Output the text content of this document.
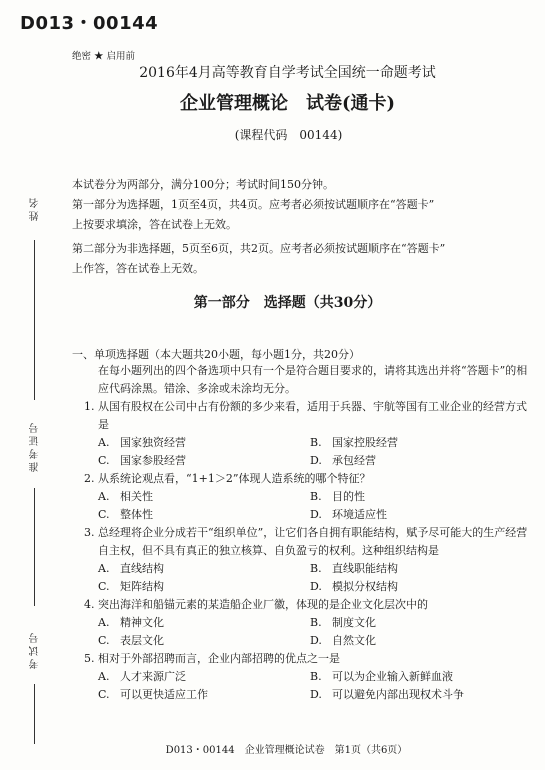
D013・00144
绝密 ★ 启用前
2016年4月高等教育自学考试全国统一命题考试
企业管理概论　试卷(通卡)
(课程代码　00144)
姓名
准考证号
考试号

本试卷分为两部分，满分100分；考试时间150分钟。

第一部分为选择题，1页至4页，共4页。应考者必须按试题顺序在“答题卡”

上按要求填涂，答在试卷上无效。

第二部分为非选择题，5页至6页，共2页。应考者必须按试题顺序在“答题卡”

上作答，答在试卷上无效。

第一部分　选择题（共30分）
一、单项选择题（本大题共20小题，每小题1分，共20分）
在每小题列出的四个备选项中只有一个是符合题目要求的，请将其选出并将“答题卡”的相应代码涂黑。错涂、多涂或未涂均无分。
1. 从国有股权在公司中占有份额的多少来看，适用于兵器、宇航等国有工业企业的经营方式是
A. 国家独资经营	B. 国家控股经营
C. 国家参股经营	D. 承包经营
2. 从系统论观点看，“1+1＞2”体现人造系统的哪个特征？
A. 相关性	B. 目的性
C. 整体性	D. 环境适应性
3. 总经理将企业分成若干“组织单位”，让它们各自拥有职能结构，赋予尽可能大的生产经营自主权，但不具有真正的独立核算、自负盈亏的权利。这种组织结构是
A. 直线结构	B. 直线职能结构
C. 矩阵结构	D. 模拟分权结构
4. 突出海洋和船锚元素的某造船企业厂徽，体现的是企业文化层次中的
A. 精神文化	B. 制度文化
C. 表层文化	D. 自然文化
5. 相对于外部招聘而言，企业内部招聘的优点之一是
A. 人才来源广泛	B. 可以为企业输入新鲜血液
C. 可以更快适应工作	D. 可以避免内部出现权术斗争
D013・00144　企业管理概论试卷　第1页（共6页）
